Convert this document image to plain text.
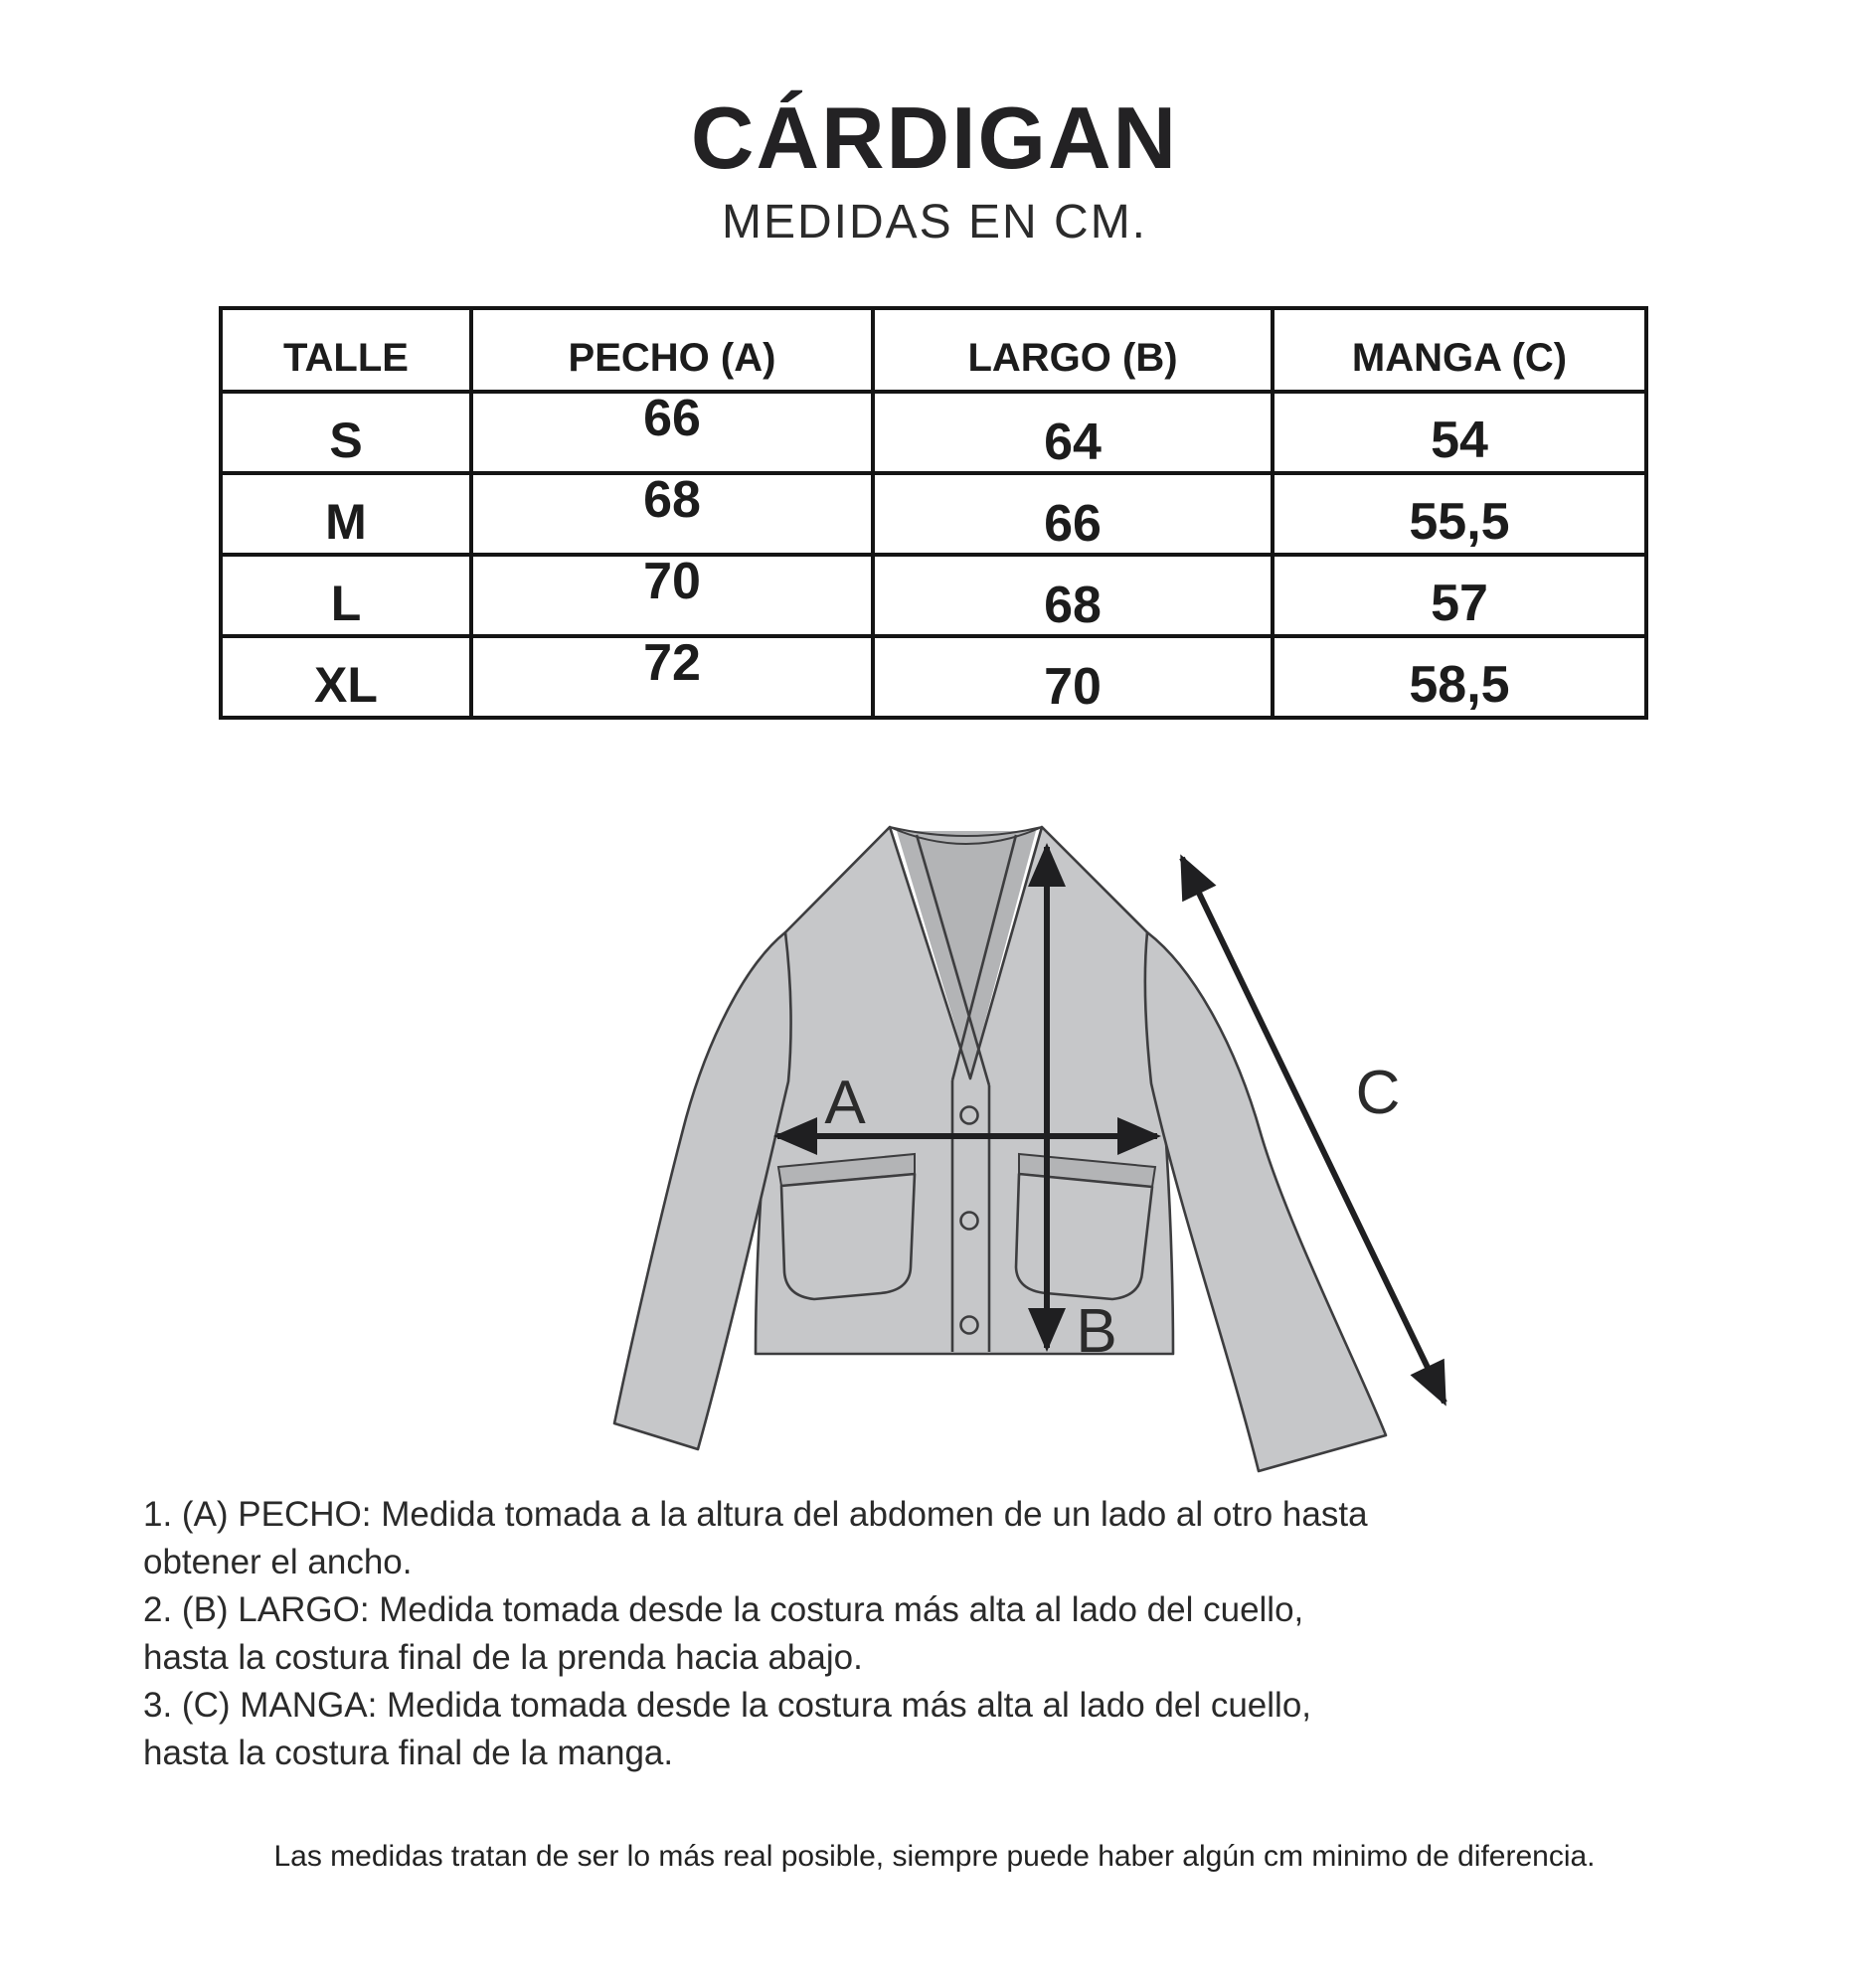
CÁRDIGAN
MEDIDAS EN CM.
TALLE	PECHO (A)	LARGO (B)	MANGA (C)
S	66	64	54
M	68	66	55,5
L	70	68	57
XL	72	70	58,5
A
B
C
1. (A) PECHO: Medida tomada a la altura del abdomen de un lado al otro hasta
obtener el ancho.
2. (B) LARGO: Medida tomada desde la costura más alta al lado del cuello,
hasta la costura final de la prenda hacia abajo.
3. (C) MANGA: Medida tomada desde la costura más alta al lado del cuello,
hasta la costura final de la manga.
Las medidas tratan de ser lo más real posible, siempre puede haber algún cm minimo de diferencia.
